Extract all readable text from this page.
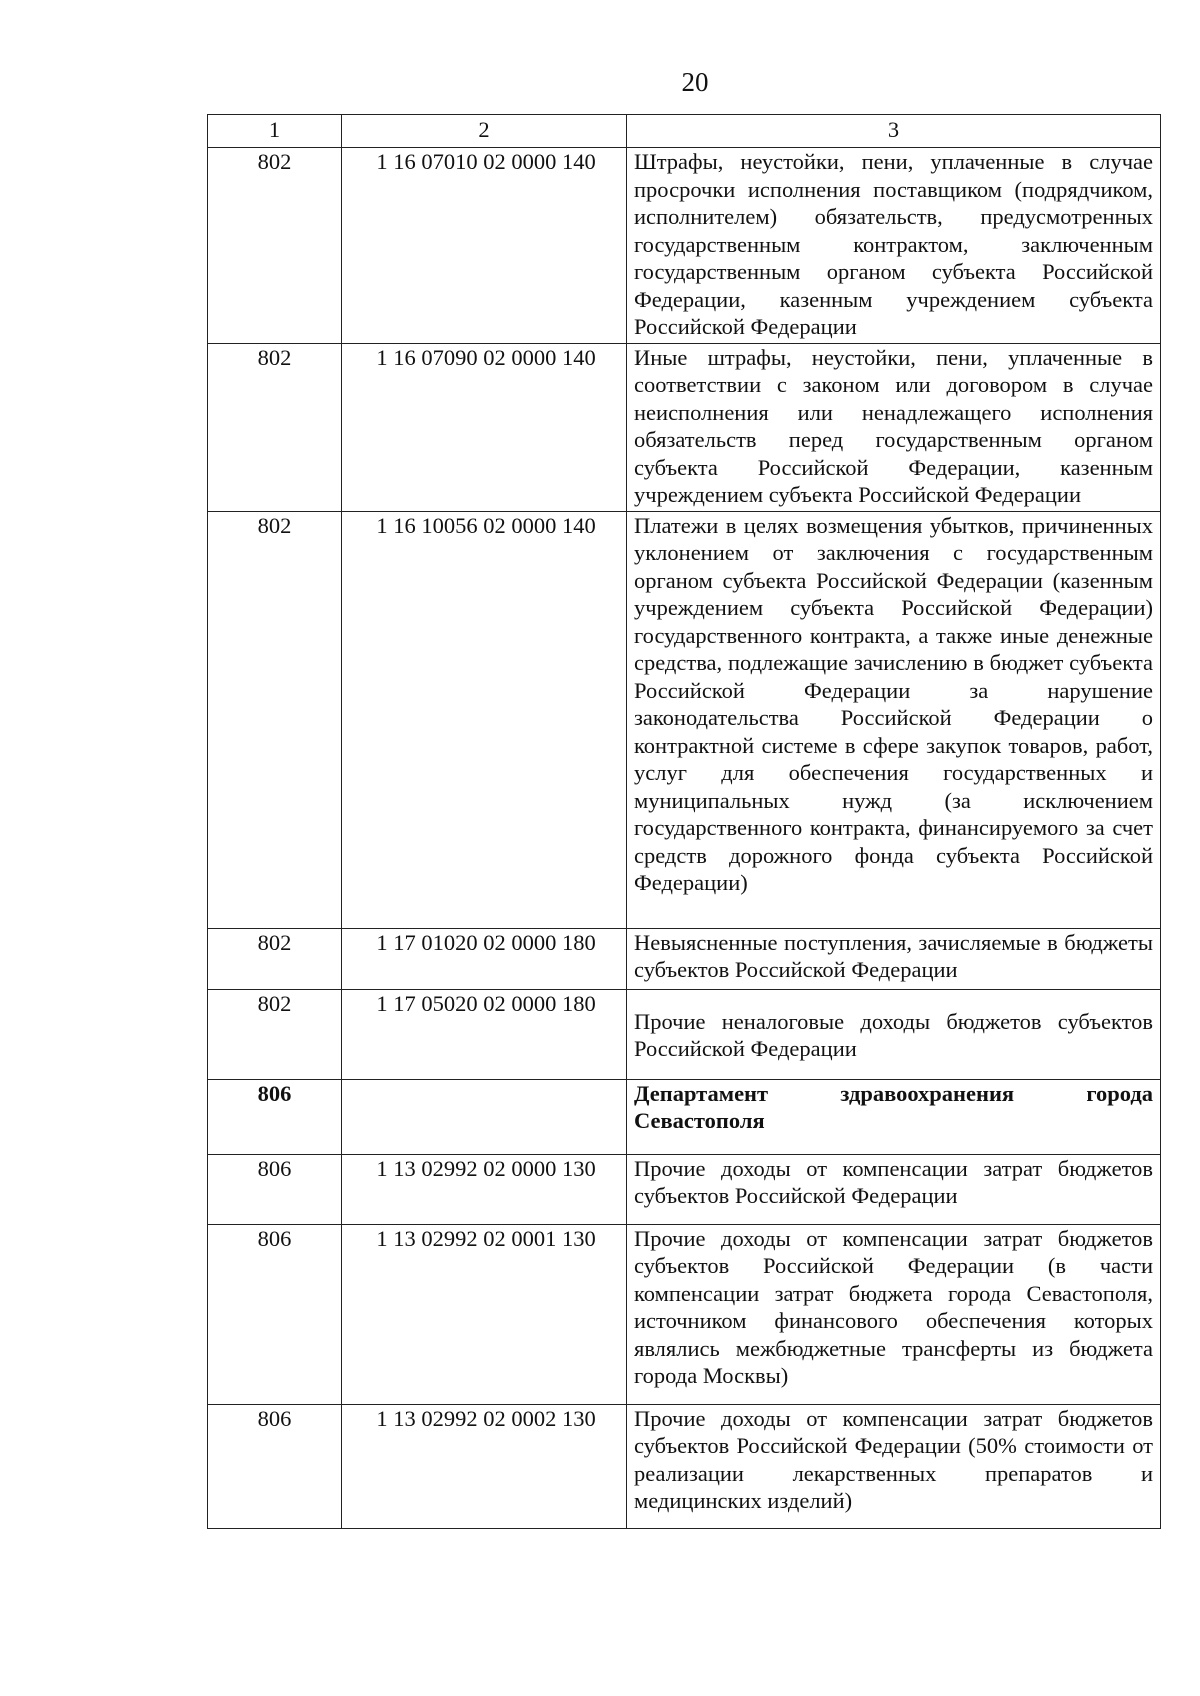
20
1	2	3
802	1 16 07010 02 0000 140	Штрафы, неустойки, пени, уплаченные в случае просрочки исполнения поставщиком (подрядчиком, исполнителем) обязательств, предусмотренных государственным контрактом, заключенным государственным органом субъекта Российской Федерации, казенным учреждением субъекта Российской Федерации

802	1 16 07090 02 0000 140	Иные штрафы, неустойки, пени, уплаченные в соответствии с законом или договором в случае неисполнения или ненадлежащего исполнения обязательств перед государственным органом субъекта Российской Федерации, казенным учреждением субъекта Российской Федерации

802	1 16 10056 02 0000 140	Платежи в целях возмещения убытков, причиненных уклонением от заключения с государственным органом субъекта Российской Федерации (казенным учреждением субъекта Российской Федерации) государственного контракта, а также иные денежные средства, подлежащие зачислению в бюджет субъекта Российской Федерации за нарушение законодательства Российской Федерации о контрактной системе в сфере закупок товаров, работ, услуг для обеспечения государственных и муниципальных нужд (за исключением государственного контракта, финансируемого за счет средств дорожного фонда субъекта Российской Федерации)

802	1 17 01020 02 0000 180	Невыясненные поступления, зачисляемые в бюджеты субъектов Российской Федерации

802	1 17 05020 02 0000 180	Прочие неналоговые доходы бюджетов субъектов Российской Федерации

806		Департамент здравоохранения города Севастополя

806	1 13 02992 02 0000 130	Прочие доходы от компенсации затрат бюджетов субъектов Российской Федерации

806	1 13 02992 02 0001 130	Прочие доходы от компенсации затрат бюджетов субъектов Российской Федерации (в части компенсации затрат бюджета города Севастополя, источником финансового обеспечения которых являлись межбюджетные трансферты из бюджета города Москвы)

806	1 13 02992 02 0002 130	Прочие доходы от компенсации затрат бюджетов субъектов Российской Федерации (50% стоимости от реализации лекарственных препаратов и медицинских изделий)
